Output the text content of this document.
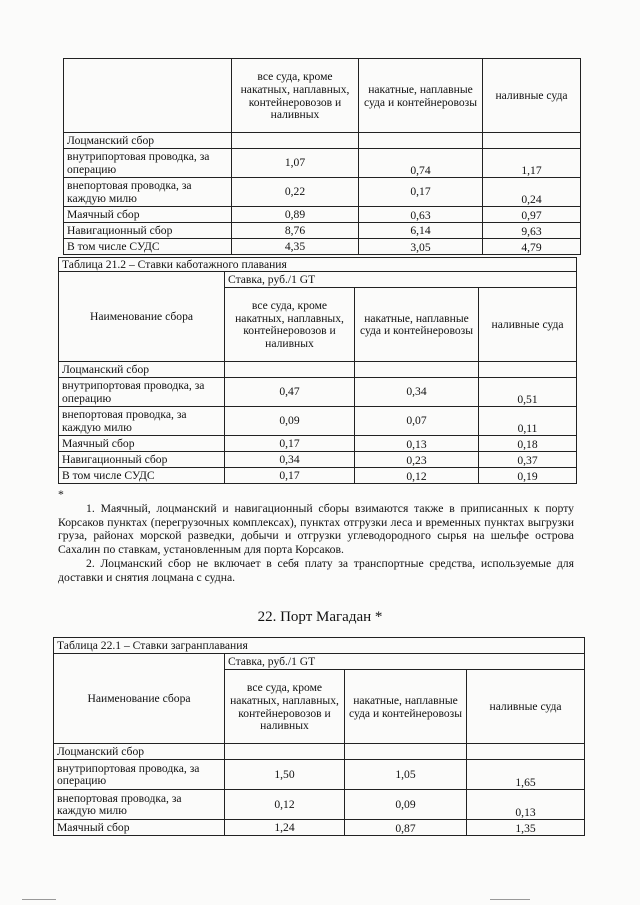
	все суда, кроме накатных, наплавных, контейнеровозов и наливных	накатные, наплавные суда и контейнеровозы	наливные суда
Лоцманский сбор			
внутрипортовая проводка, за операцию	1,07	0,74	1,17
внепортовая проводка, за каждую милю	0,22	0,17	0,24
Маячный сбор	0,89	0,63	0,97
Навигационный сбор	8,76	6,14	9,63
В том числе СУДС	4,35	3,05	4,79
Таблица 21.2 – Ставки каботажного плавания			
Наименование сбора	Ставка, руб./1 GT		
	все суда, кроме накатных, наплавных, контейнеровозов и наливных	накатные, наплавные суда и контейнеровозы	наливные суда
Лоцманский сбор			
внутрипортовая проводка, за операцию	0,47	0,34	0,51
внепортовая проводка, за каждую милю	0,09	0,07	0,11
Маячный сбор	0,17	0,13	0,18
Навигационный сбор	0,34	0,23	0,37
В том числе СУДС	0,17	0,12	0,19

*

1. Маячный, лоцманский и навигационный сборы взимаются также в приписанных к порту Корсаков пунктах (перегрузочных комплексах), пунктах отгрузки леса и временных пунктах выгрузки груза, районах морской разведки, добычи и отгрузки углеводородного сырья на шельфе острова Сахалин по ставкам, установленным для порта Корсаков.

2. Лоцманский сбор не включает в себя плату за транспортные средства, используемые для доставки и снятия лоцмана с судна.

22. Порт Магадан *
Таблица 22.1 – Ставки загранплавания			
Наименование сбора	Ставка, руб./1 GT		
	все суда, кроме накатных, наплавных, контейнеровозов и наливных	накатные, наплавные суда и контейнеровозы	наливные суда
Лоцманский сбор			
внутрипортовая проводка, за операцию	1,50	1,05	1,65
внепортовая проводка, за каждую милю	0,12	0,09	0,13
Маячный сбор	1,24	0,87	1,35
